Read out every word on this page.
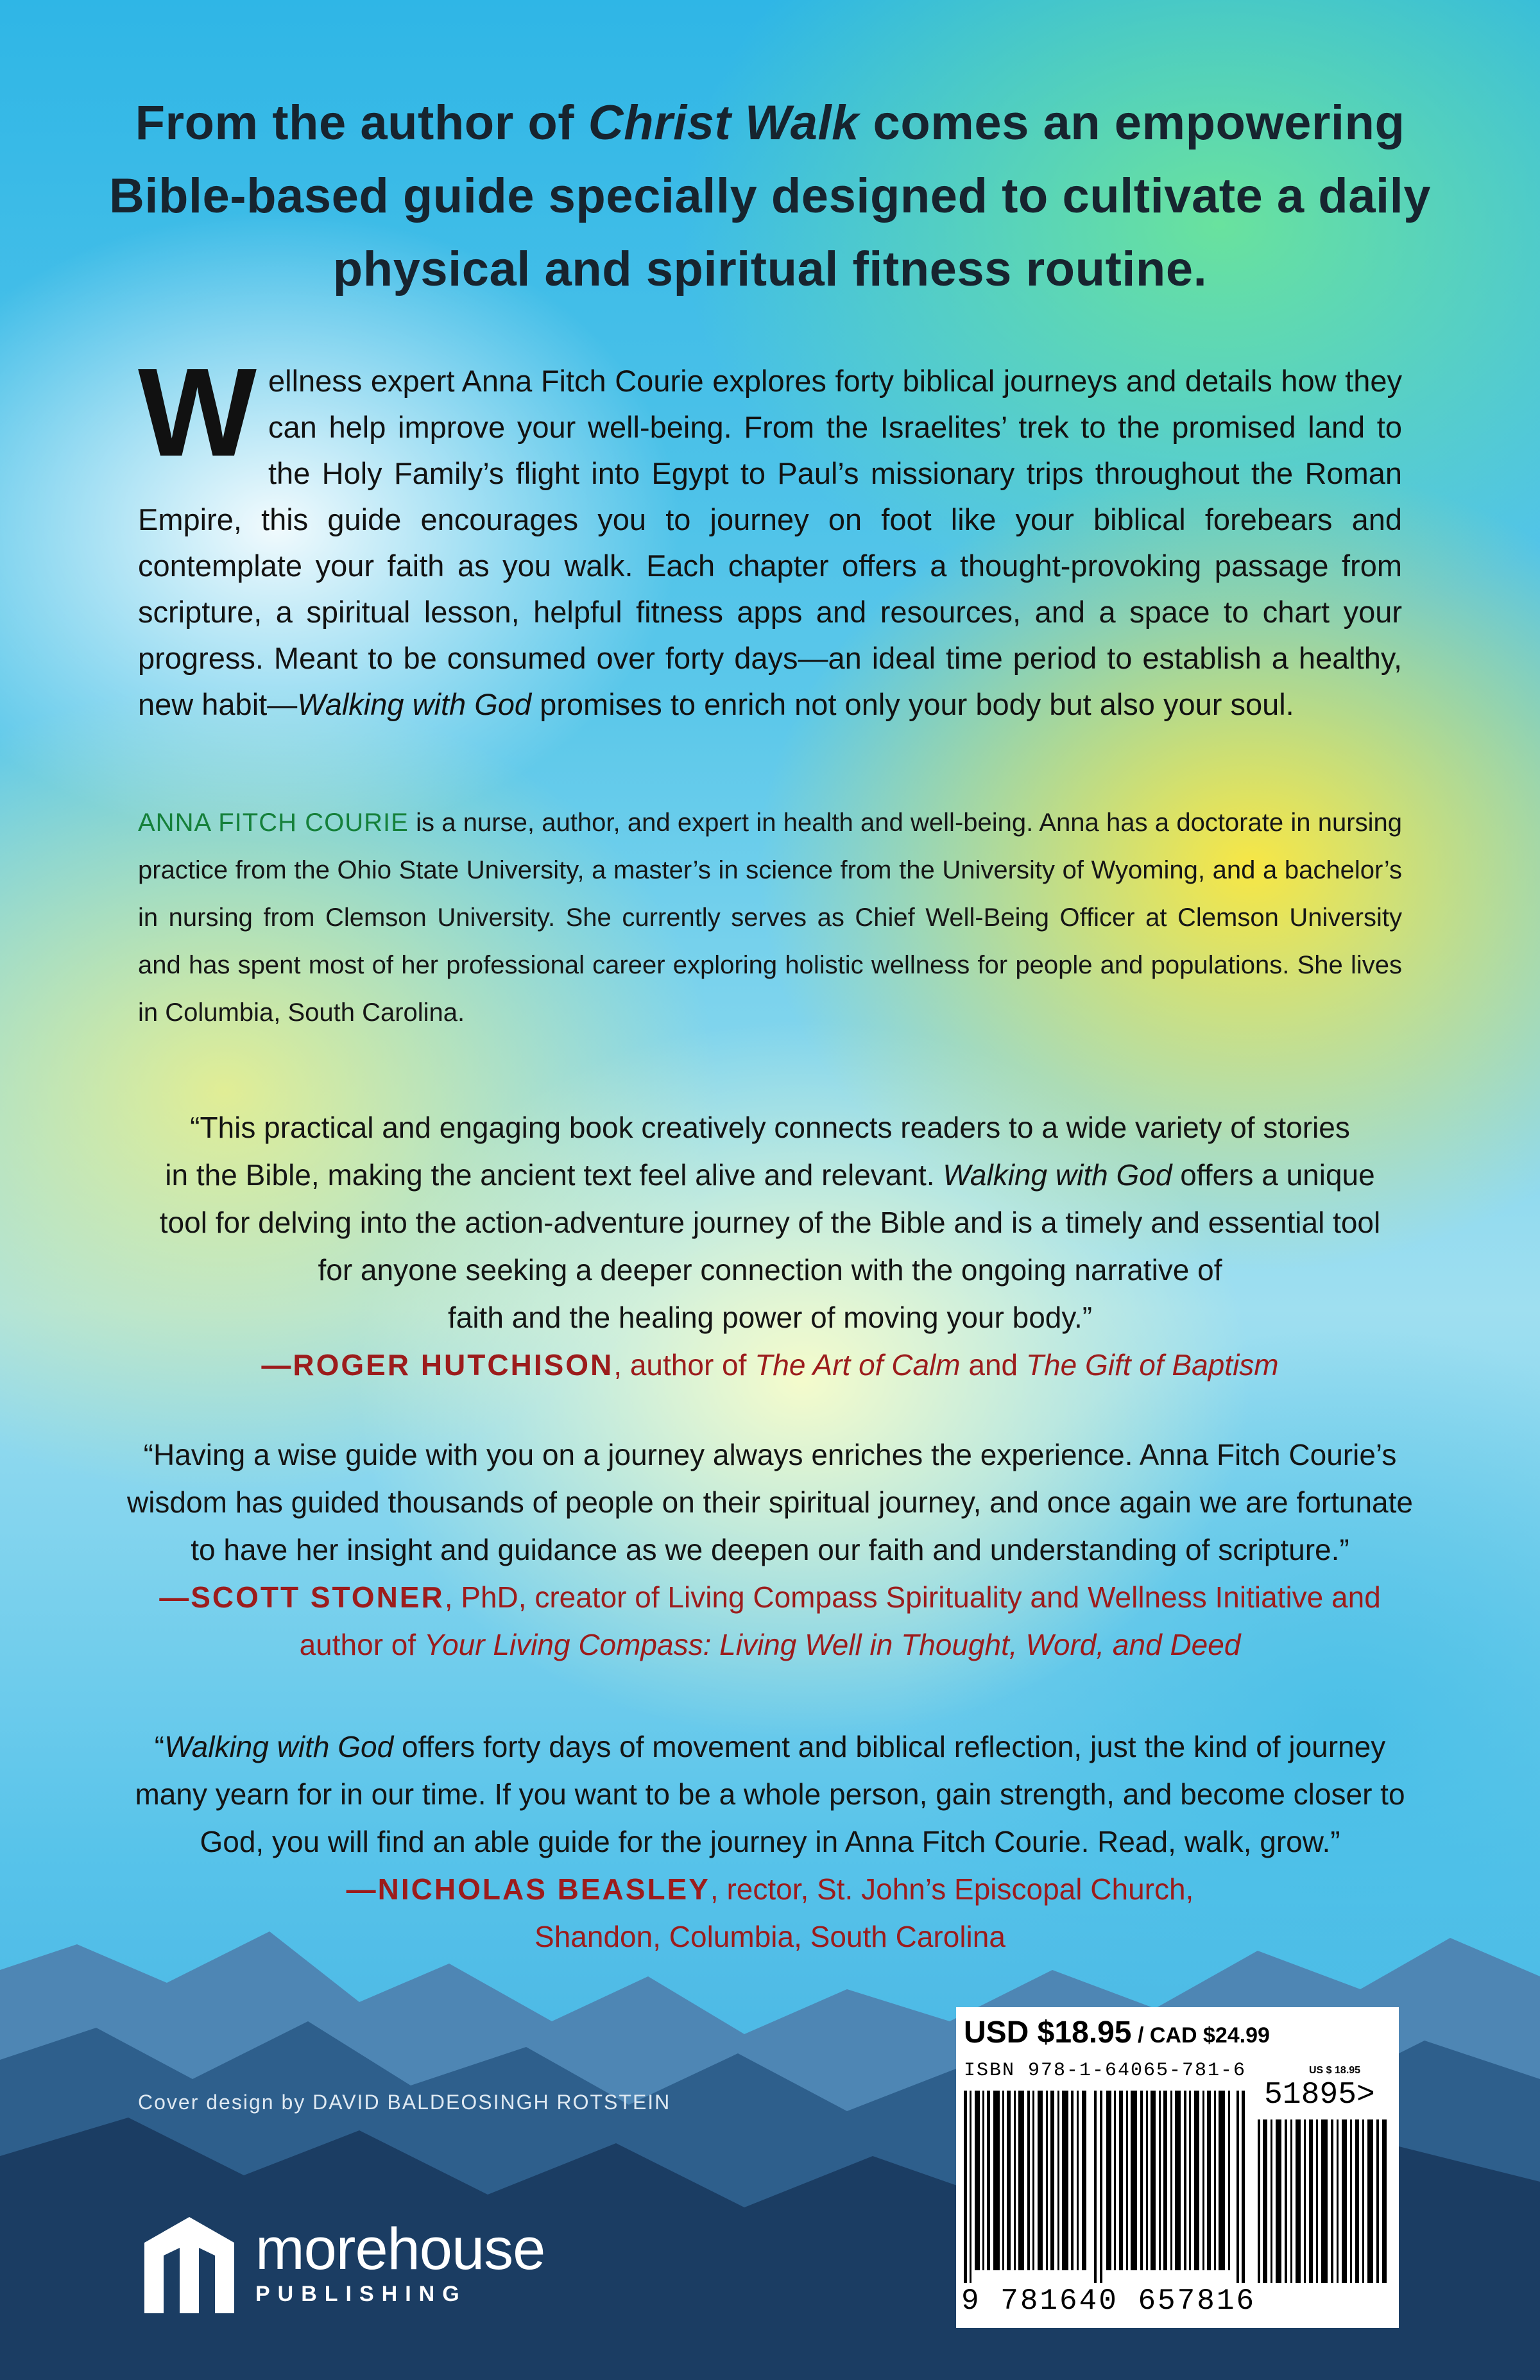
From the author of Christ Walk comes an empowering Bible-based guide specially designed to cultivate a daily physical and spiritual fitness routine.

Wellness expert Anna Fitch Courie explores forty biblical journeys and details how they can help improve your well-being. From the Israelites’ trek to the promised land to the Holy Family’s flight into Egypt to Paul’s missionary trips throughout the Roman Empire, this guide encourages you to journey on foot like your biblical forebears and contemplate your faith as you walk. Each chapter offers a thought-provoking passage from scripture, a spiritual lesson, helpful fitness apps and resources, and a space to chart your progress. Meant to be consumed over forty days—an ideal time period to establish a healthy, new habit—Walking with God promises to enrich not only your body but also your soul.

ANNA FITCH COURIE is a nurse, author, and expert in health and well-being. Anna has a doctorate in nursing practice from the Ohio State University, a master’s in science from the University of Wyoming, and a bachelor’s in nursing from Clemson University. She currently serves as Chief Well-Being Officer at Clemson University and has spent most of her professional career exploring holistic wellness for people and populations. She lives in Columbia, South Carolina.

“This practical and engaging book creatively connects readers to a wide variety of stories
in the Bible, making the ancient text feel alive and relevant. Walking with God offers a unique
tool for delving into the action-adventure journey of the Bible and is a timely and essential tool
for anyone seeking a deeper connection with the ongoing narrative of
faith and the healing power of moving your body.”
—ROGER HUTCHISON, author of The Art of Calm and The Gift of Baptism
“Having a wise guide with you on a journey always enriches the experience. Anna Fitch Courie’s
wisdom has guided thousands of people on their spiritual journey, and once again we are fortunate
to have her insight and guidance as we deepen our faith and understanding of scripture.”
—SCOTT STONER, PhD, creator of Living Compass Spirituality and Wellness Initiative and
author of Your Living Compass: Living Well in Thought, Word, and Deed
“Walking with God offers forty days of movement and biblical reflection, just the kind of journey
many yearn for in our time. If you want to be a whole person, gain strength, and become closer to
God, you will find an able guide for the journey in Anna Fitch Courie. Read, walk, grow.”
—NICHOLAS BEASLEY, rector, St. John’s Episcopal Church,
Shandon, Columbia, South Carolina

Cover design by DAVID BALDEOSINGH ROTSTEIN

morehouse

PUBLISHING

USD $18.95 / CAD $24.99

ISBN 978-1-64065-781-6	US $ 18.95

51895>

9 781640 657816
